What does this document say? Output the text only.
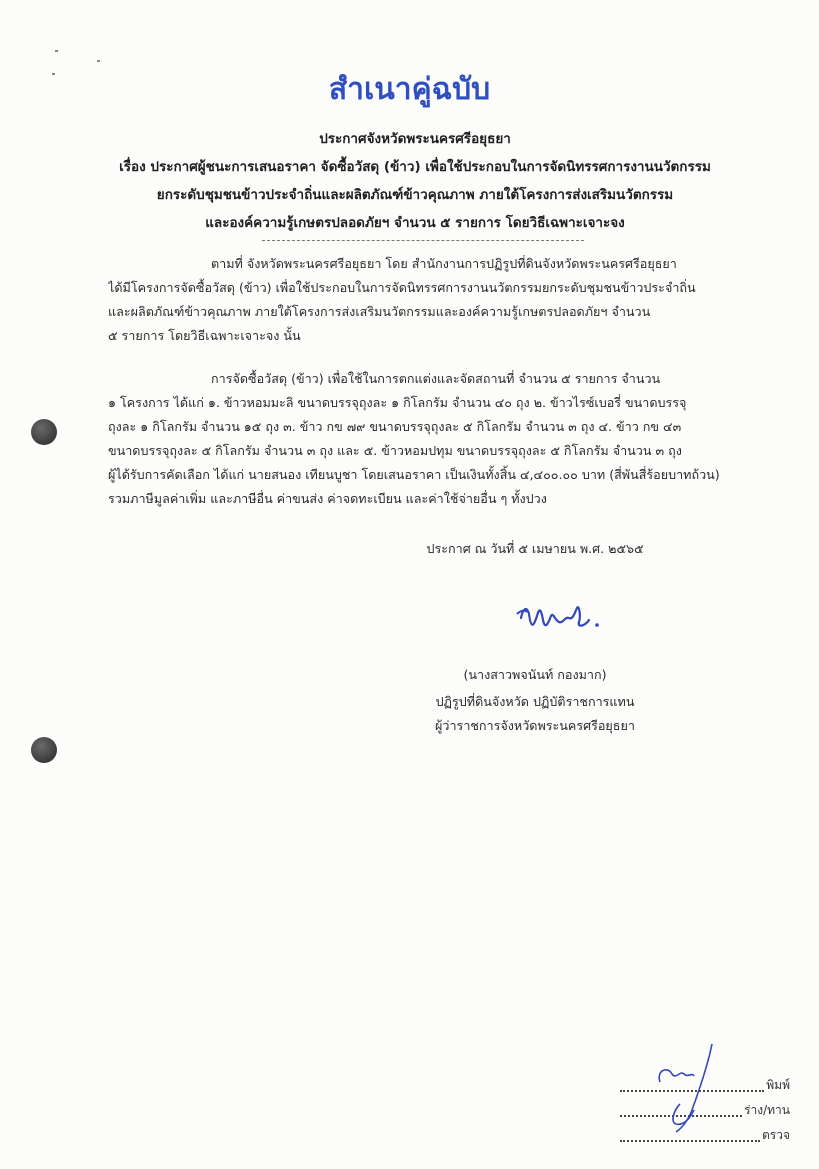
สำเนาคู่ฉบับ
ประกาศจังหวัดพระนครศรีอยุธยา
เรื่อง ประกาศผู้ชนะการเสนอราคา จัดซื้อวัสดุ (ข้าว) เพื่อใช้ประกอบในการจัดนิทรรศการงานนวัตกรรม
ยกระดับชุมชนข้าวประจำถิ่นและผลิตภัณฑ์ข้าวคุณภาพ ภายใต้โครงการส่งเสริมนวัตกรรม
และองค์ความรู้เกษตรปลอดภัยฯ จำนวน ๕ รายการ โดยวิธีเฉพาะเจาะจง
ตามที่ จังหวัดพระนครศรีอยุธยา โดย สำนักงานการปฏิรูปที่ดินจังหวัดพระนครศรีอยุธยา
ได้มีโครงการจัดซื้อวัสดุ (ข้าว) เพื่อใช้ประกอบในการจัดนิทรรศการงานนวัตกรรมยกระดับชุมชนข้าวประจำถิ่น
และผลิตภัณฑ์ข้าวคุณภาพ ภายใต้โครงการส่งเสริมนวัตกรรมและองค์ความรู้เกษตรปลอดภัยฯ จำนวน
๕ รายการ โดยวิธีเฉพาะเจาะจง นั้น
การจัดซื้อวัสดุ (ข้าว) เพื่อใช้ในการตกแต่งและจัดสถานที่ จำนวน ๕ รายการ จำนวน
๑ โครงการ ได้แก่ ๑. ข้าวหอมมะลิ ขนาดบรรจุถุงละ ๑ กิโลกรัม จำนวน ๔๐ ถุง ๒. ข้าวไรซ์เบอรี่ ขนาดบรรจุ
ถุงละ ๑ กิโลกรัม จำนวน ๑๕ ถุง ๓. ข้าว กข ๗๙ ขนาดบรรจุถุงละ ๕ กิโลกรัม จำนวน ๓ ถุง ๔. ข้าว กข ๔๓
ขนาดบรรจุถุงละ ๕ กิโลกรัม จำนวน ๓ ถุง และ ๕. ข้าวหอมปทุม ขนาดบรรจุถุงละ ๕ กิโลกรัม จำนวน ๓ ถุง
ผู้ได้รับการคัดเลือก ได้แก่ นายสนอง เทียนบูชา โดยเสนอราคา เป็นเงินทั้งสิ้น ๔,๔๐๐.๐๐ บาท (สี่พันสี่ร้อยบาทถ้วน)
รวมภาษีมูลค่าเพิ่ม และภาษีอื่น ค่าขนส่ง ค่าจดทะเบียน และค่าใช้จ่ายอื่น ๆ ทั้งปวง
ประกาศ ณ วันที่ ๕ เมษายน พ.ศ. ๒๕๖๕
(นางสาวพจนันท์ กองมาก)
ปฏิรูปที่ดินจังหวัด ปฏิบัติราชการแทน
ผู้ว่าราชการจังหวัดพระนครศรีอยุธยา
พิมพ์
ร่าง/ทาน
ตรวจ
